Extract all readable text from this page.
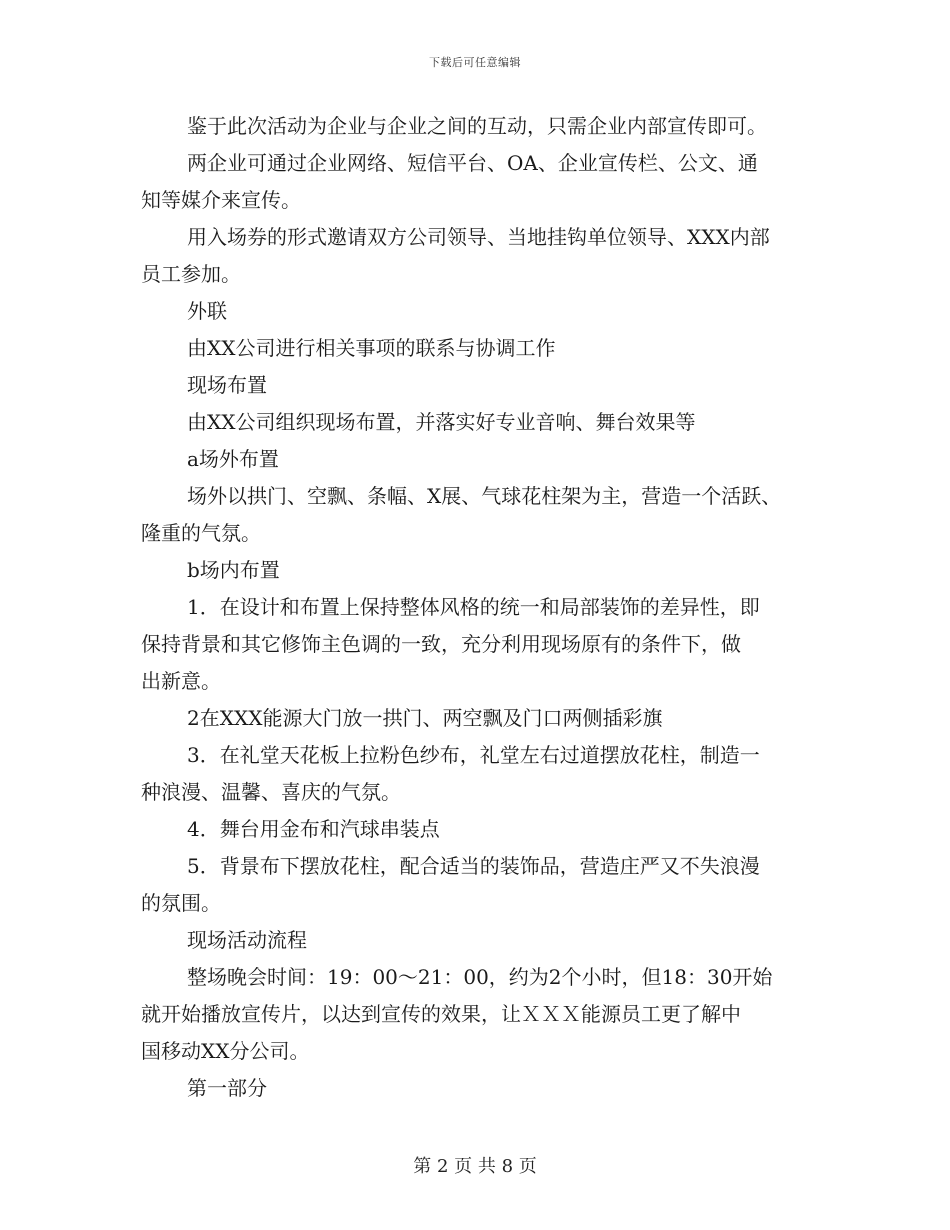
下载后可任意编辑
鉴于此次活动为企业与企业之间的互动，只需企业内部宣传即可。
两企业可通过企业网络、短信平台、OA、企业宣传栏、公文、通
知等媒介来宣传。
用入场券的形式邀请双方公司领导、当地挂钩单位领导、XXX内部
员工参加。
外联
由XX公司进行相关事项的联系与协调工作
现场布置
由XX公司组织现场布置，并落实好专业音响、舞台效果等
a场外布置
场外以拱门、空飘、条幅、X展、气球花柱架为主，营造一个活跃、
隆重的气氛。
b场内布置
1．在设计和布置上保持整体风格的统一和局部装饰的差异性，即
保持背景和其它修饰主色调的一致，充分利用现场原有的条件下，做
出新意。
2在XXX能源大门放一拱门、两空飘及门口两侧插彩旗
3．在礼堂天花板上拉粉色纱布，礼堂左右过道摆放花柱，制造一
种浪漫、温馨、喜庆的气氛。
4．舞台用金布和汽球串装点
5．背景布下摆放花柱，配合适当的装饰品，营造庄严又不失浪漫
的氛围。
现场活动流程
整场晚会时间：19：00～21：00，约为2个小时，但18：30开始
就开始播放宣传片，以达到宣传的效果，让ＸＸＸ能源员工更了解中
国移动XX分公司。
第一部分
第 2 页 共 8 页
